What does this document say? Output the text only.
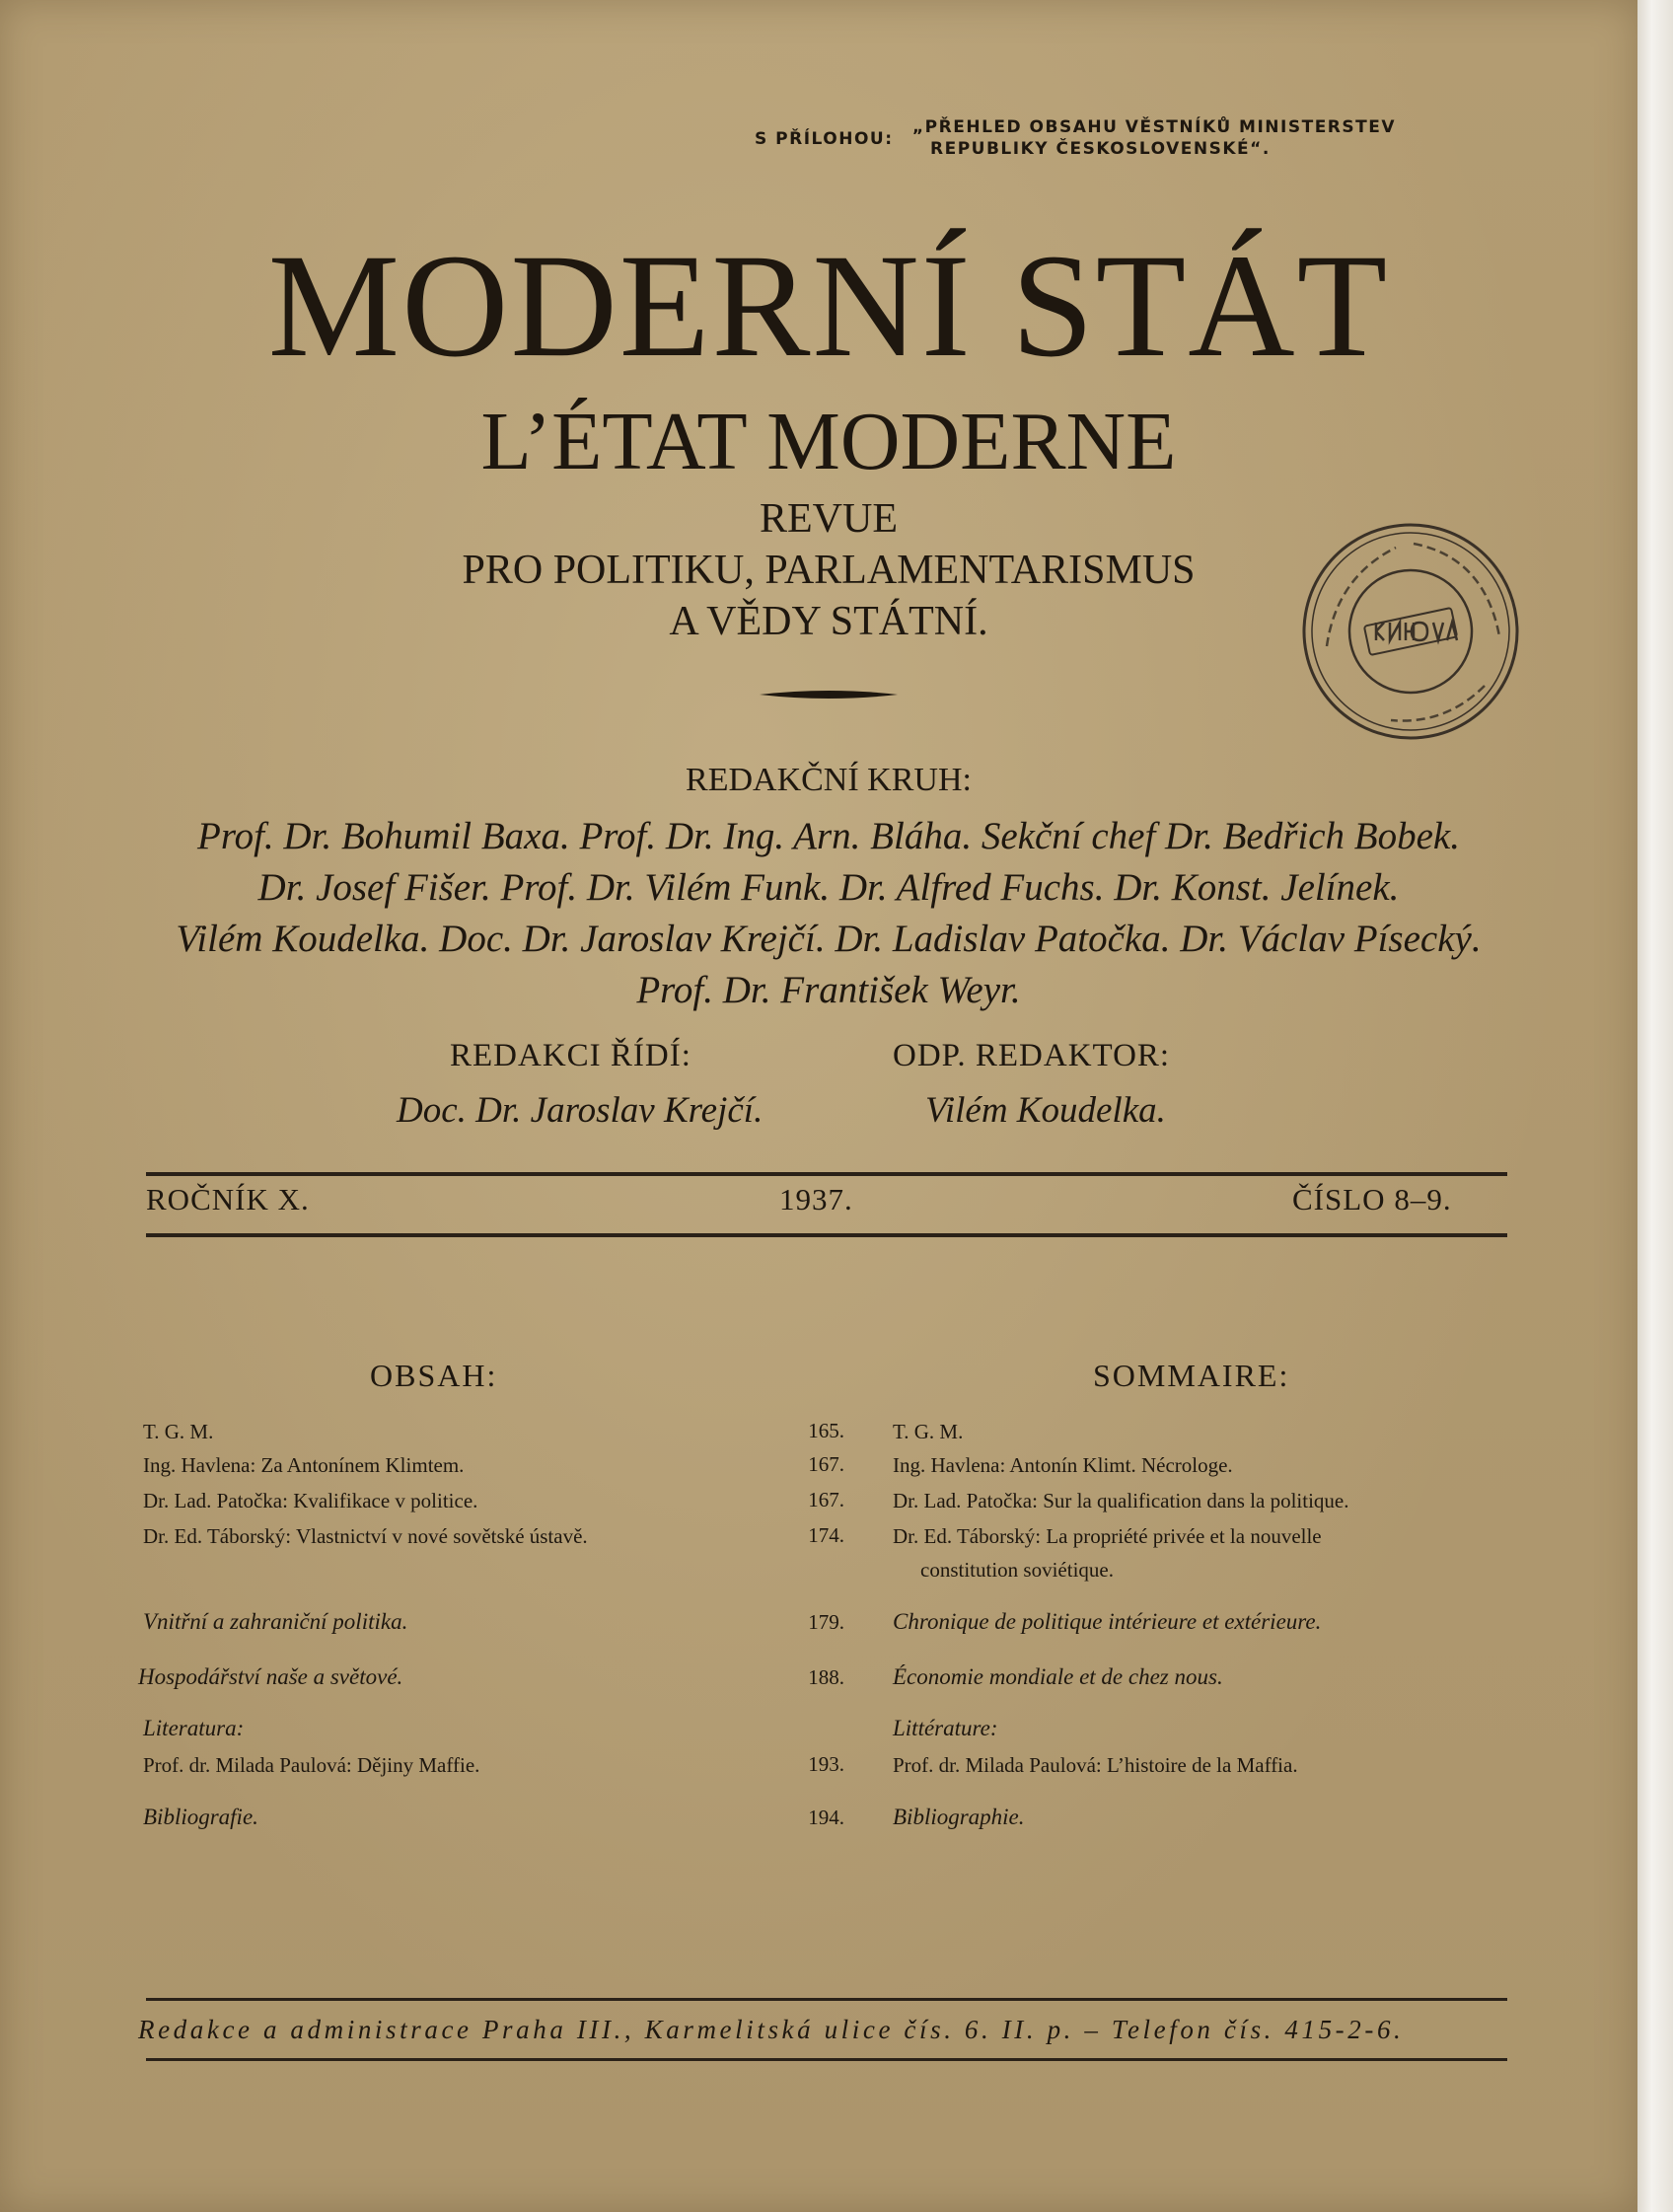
S PŘÍLOHOU:
„PŘEHLED OBSAHU VĚSTNÍKŮ MINISTERSTEV
REPUBLIKY ČESKOSLOVENSKÉ“.
MODERNÍ STÁT
L’ÉTAT MODERNE
REVUE
PRO POLITIKU, PARLAMENTARISMUS
A VĚDY STÁTNÍ.
REDAKČNÍ KRUH:
Prof. Dr. Bohumil Baxa. Prof. Dr. Ing. Arn. Bláha. Sekční chef Dr. Bedřich Bobek.
Dr. Josef Fišer. Prof. Dr. Vilém Funk. Dr. Alfred Fuchs. Dr. Konst. Jelínek.
Vilém Koudelka. Doc. Dr. Jaroslav Krejčí. Dr. Ladislav Patočka. Dr. Václav Písecký.
Prof. Dr. František Weyr.
REDAKCI ŘÍDÍ:
Doc. Dr. Jaroslav Krejčí.
ODP. REDAKTOR:
Vilém Koudelka.
ROČNÍK X.	1937.	ČÍSLO 8–9.
OBSAH:	SOMMAIRE:
T. G. M.	165. T. G. M.
Ing. Havlena: Za Antonínem Klimtem.	167. Ing. Havlena: Antonín Klimt. Nécrologe.
Dr. Lad. Patočka: Kvalifikace v politice.	167. Dr. Lad. Patočka: Sur la qualification dans la politique.
Dr. Ed. Táborský: Vlastnictví v nové sovětské ústavě.	174. Dr. Ed. Táborský: La propriété privée et la nouvelle
constitution soviétique.
Vnitřní a zahraniční politika.	179. Chronique de politique intérieure et extérieure.
Hospodářství naše a světové.	188. Économie mondiale et de chez nous.
Literatura:	Littérature:
Prof. dr. Milada Paulová: Dějiny Maffie.	193. Prof. dr. Milada Paulová: L’histoire de la Maffia.
Bibliografie.	194. Bibliographie.
Redakce a administrace Praha III., Karmelitská ulice čís. 6. II. p. – Telefon čís. 415-2-6.
